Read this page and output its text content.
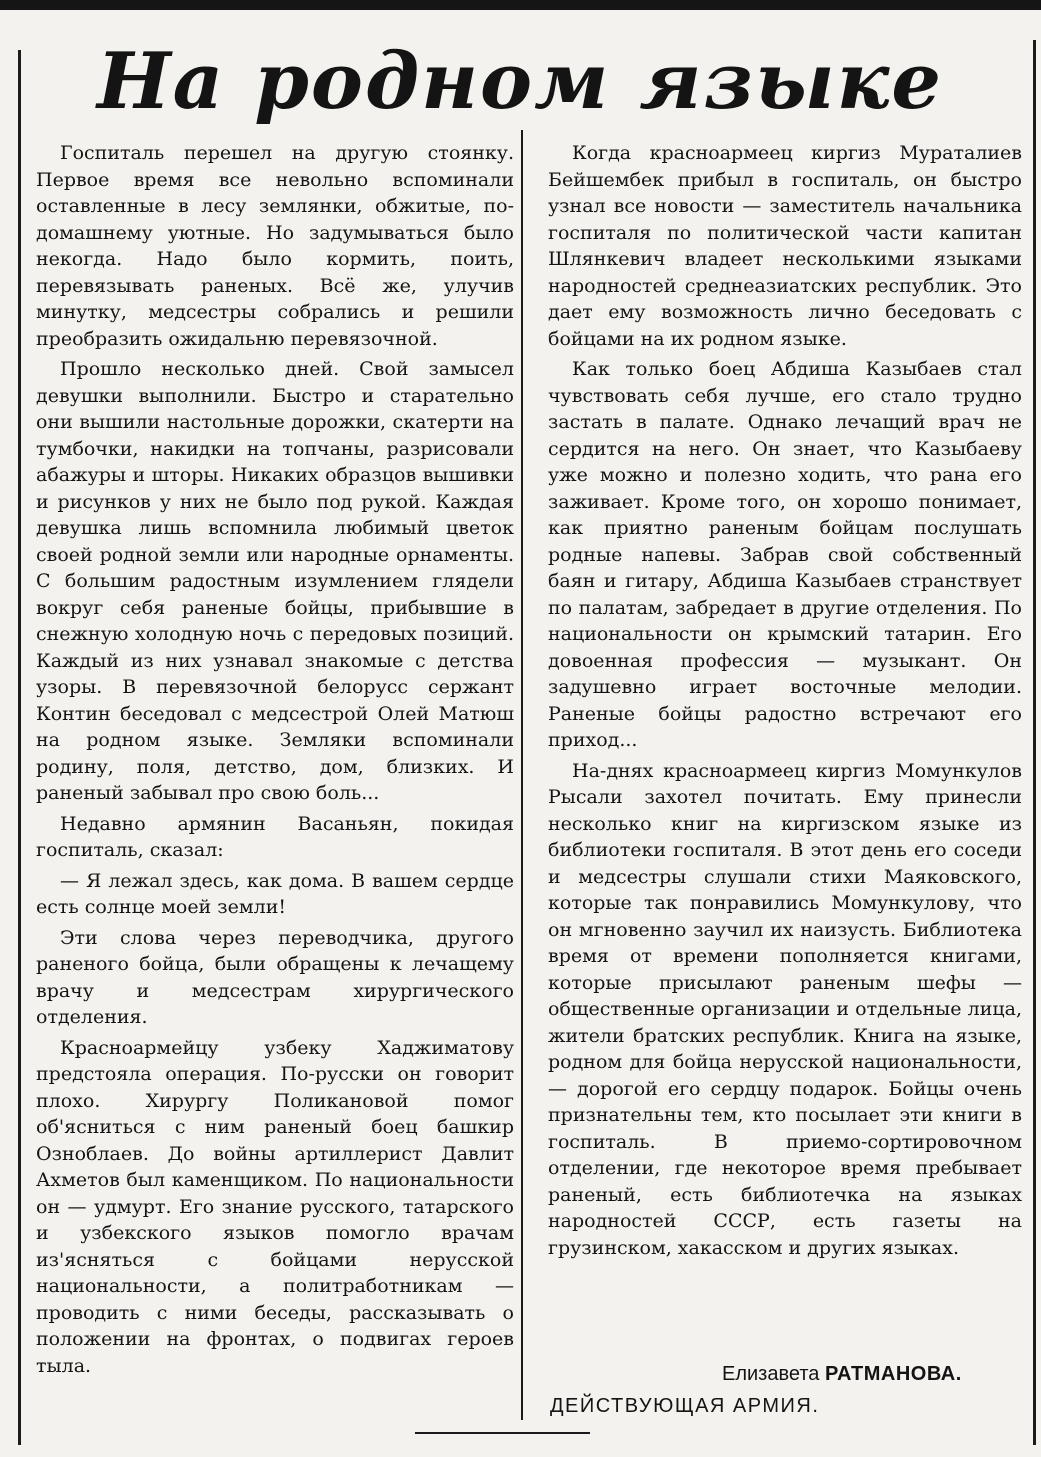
На родном языке

Госпиталь перешел на другую стоянку. Первое время все невольно вспоминали оставленные в лесу землянки, обжитые, по-домашнему уютные. Но задумываться было некогда. Надо было кормить, поить, перевязывать раненых. Всё же, улучив минутку, медсестры собрались и решили преобразить ожидальню перевязочной.

Прошло несколько дней. Свой замысел девушки выполнили. Быстро и старательно они вышили настольные дорожки, скатерти на тумбочки, накидки на топчаны, разрисовали абажуры и шторы. Никаких образцов вышивки и рисунков у них не было под рукой. Каждая девушка лишь вспомнила любимый цветок своей родной земли или народные орнаменты. С большим радостным изумлением глядели вокруг себя раненые бойцы, прибывшие в снежную холодную ночь с передовых позиций. Каждый из них узнавал знакомые с детства узоры. В перевязочной белорусс сержант Контин беседовал с медсестрой Олей Матюш на родном языке. Земляки вспоминали родину, поля, детство, дом, близких. И раненый забывал про свою боль...

Недавно армянин Васаньян, покидая госпиталь, сказал:

— Я лежал здесь, как дома. В вашем сердце есть солнце моей земли!

Эти слова через переводчика, другого раненого бойца, были обращены к лечащему врачу и медсестрам хирургического отделения.

Красноармейцу узбеку Хаджиматову предстояла операция. По-русски он говорит плохо. Хирургу Поликановой помог об'ясниться с ним раненый боец башкир Озноблаев. До войны артиллерист Давлит Ахметов был каменщиком. По национальности он — удмурт. Его знание русского, татарского и узбекского языков помогло врачам из'ясняться с бойцами нерусской национальности, а политработникам — проводить с ними беседы, рассказывать о положении на фронтах, о подвигах героев тыла.

Когда красноармеец киргиз Мураталиев Бейшембек прибыл в госпиталь, он быстро узнал все новости — заместитель начальника госпиталя по политической части капитан Шлянкевич владеет несколькими языками народностей среднеазиатских республик. Это дает ему возможность лично беседовать с бойцами на их родном языке.

Как только боец Абдиша Казыбаев стал чувствовать себя лучше, его стало трудно застать в палате. Однако лечащий врач не сердится на него. Он знает, что Казыбаеву уже можно и полезно ходить, что рана его заживает. Кроме того, он хорошо понимает, как приятно раненым бойцам послушать родные напевы. Забрав свой собственный баян и гитару, Абдиша Казыбаев странствует по палатам, забредает в другие отделения. По национальности он крымский татарин. Его довоенная профессия — музыкант. Он задушевно играет восточные мелодии. Раненые бойцы радостно встречают его приход...

На-днях красноармеец киргиз Момункулов Рысали захотел почитать. Ему принесли несколько книг на киргизском языке из библиотеки госпиталя. В этот день его соседи и медсестры слушали стихи Маяковского, которые так понравились Момункулову, что он мгновенно заучил их наизусть. Библиотека время от времени пополняется книгами, которые присылают раненым шефы — общественные организации и отдельные лица, жители братских республик. Книга на языке, родном для бойца нерусской национальности, — дорогой его сердцу подарок. Бойцы очень признательны тем, кто посылает эти книги в госпиталь. В приемо-сортировочном отделении, где некоторое время пребывает раненый, есть библиотечка на языках народностей СССР, есть газеты на грузинском, хакасском и других языках.

Елизавета РАТМАНОВА.

ДЕЙСТВУЮЩАЯ АРМИЯ.
